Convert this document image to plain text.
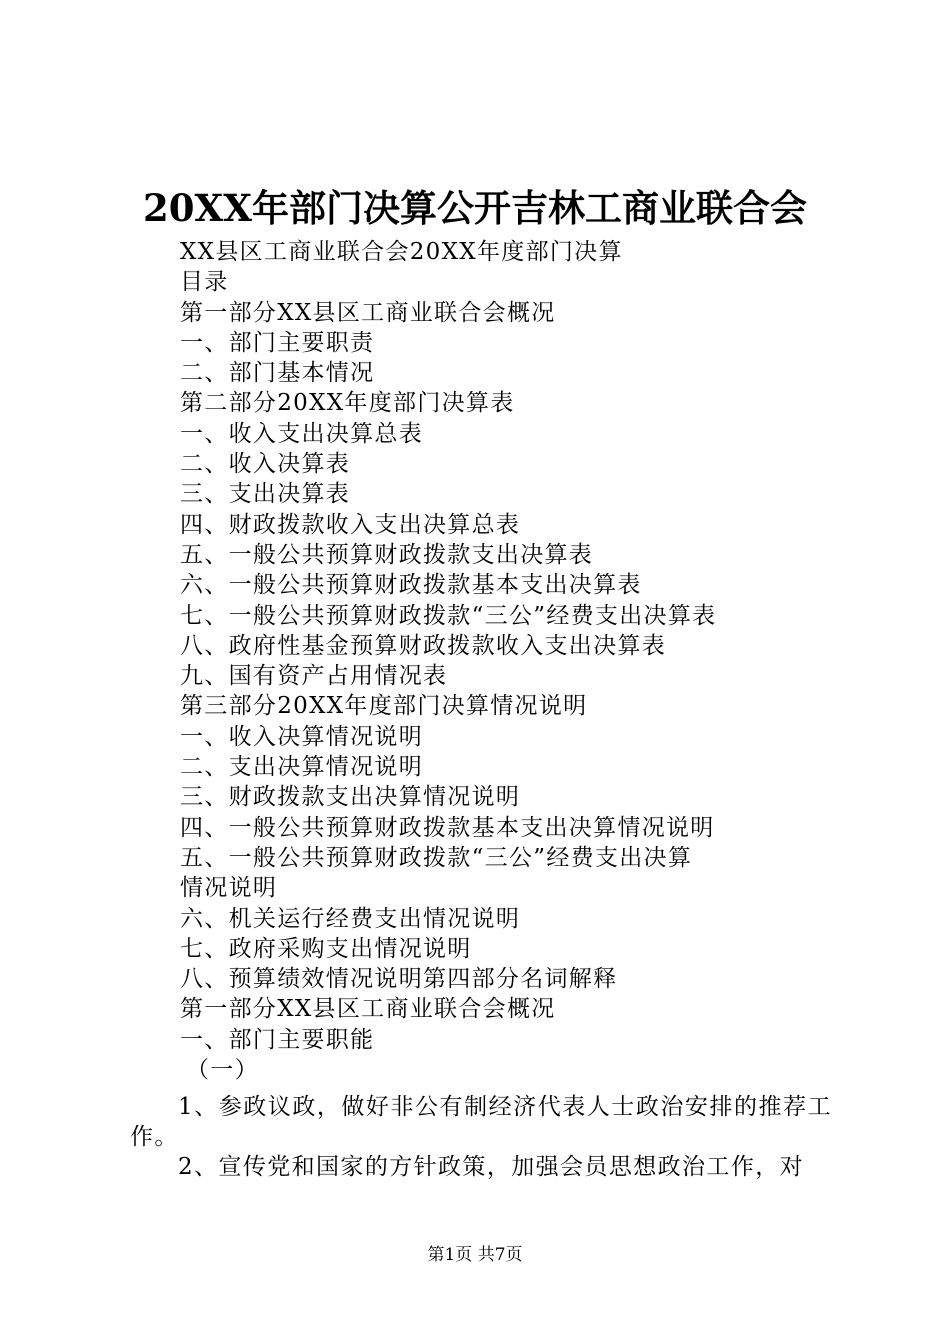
20XX年部门决算公开吉林工商业联合会
XX县区工商业联合会20XX年度部门决算
目录
第一部分XX县区工商业联合会概况
一、部门主要职责
二、部门基本情况
第二部分20XX年度部门决算表
一、收入支出决算总表
二、收入决算表
三、支出决算表
四、财政拨款收入支出决算总表
五、一般公共预算财政拨款支出决算表
六、一般公共预算财政拨款基本支出决算表
七、一般公共预算财政拨款“三公”经费支出决算表
八、政府性基金预算财政拨款收入支出决算表
九、国有资产占用情况表
第三部分20XX年度部门决算情况说明
一、收入决算情况说明
二、支出决算情况说明
三、财政拨款支出决算情况说明
四、一般公共预算财政拨款基本支出决算情况说明
五、一般公共预算财政拨款“三公”经费支出决算
情况说明
六、机关运行经费支出情况说明
七、政府采购支出情况说明
八、预算绩效情况说明第四部分名词解释
第一部分XX县区工商业联合会概况
一、部门主要职能
（一）

1、参政议政，做好非公有制经济代表人士政治安排的推荐工作。

2、宣传党和国家的方针政策，加强会员思想政治工作，对

第1页 共7页
